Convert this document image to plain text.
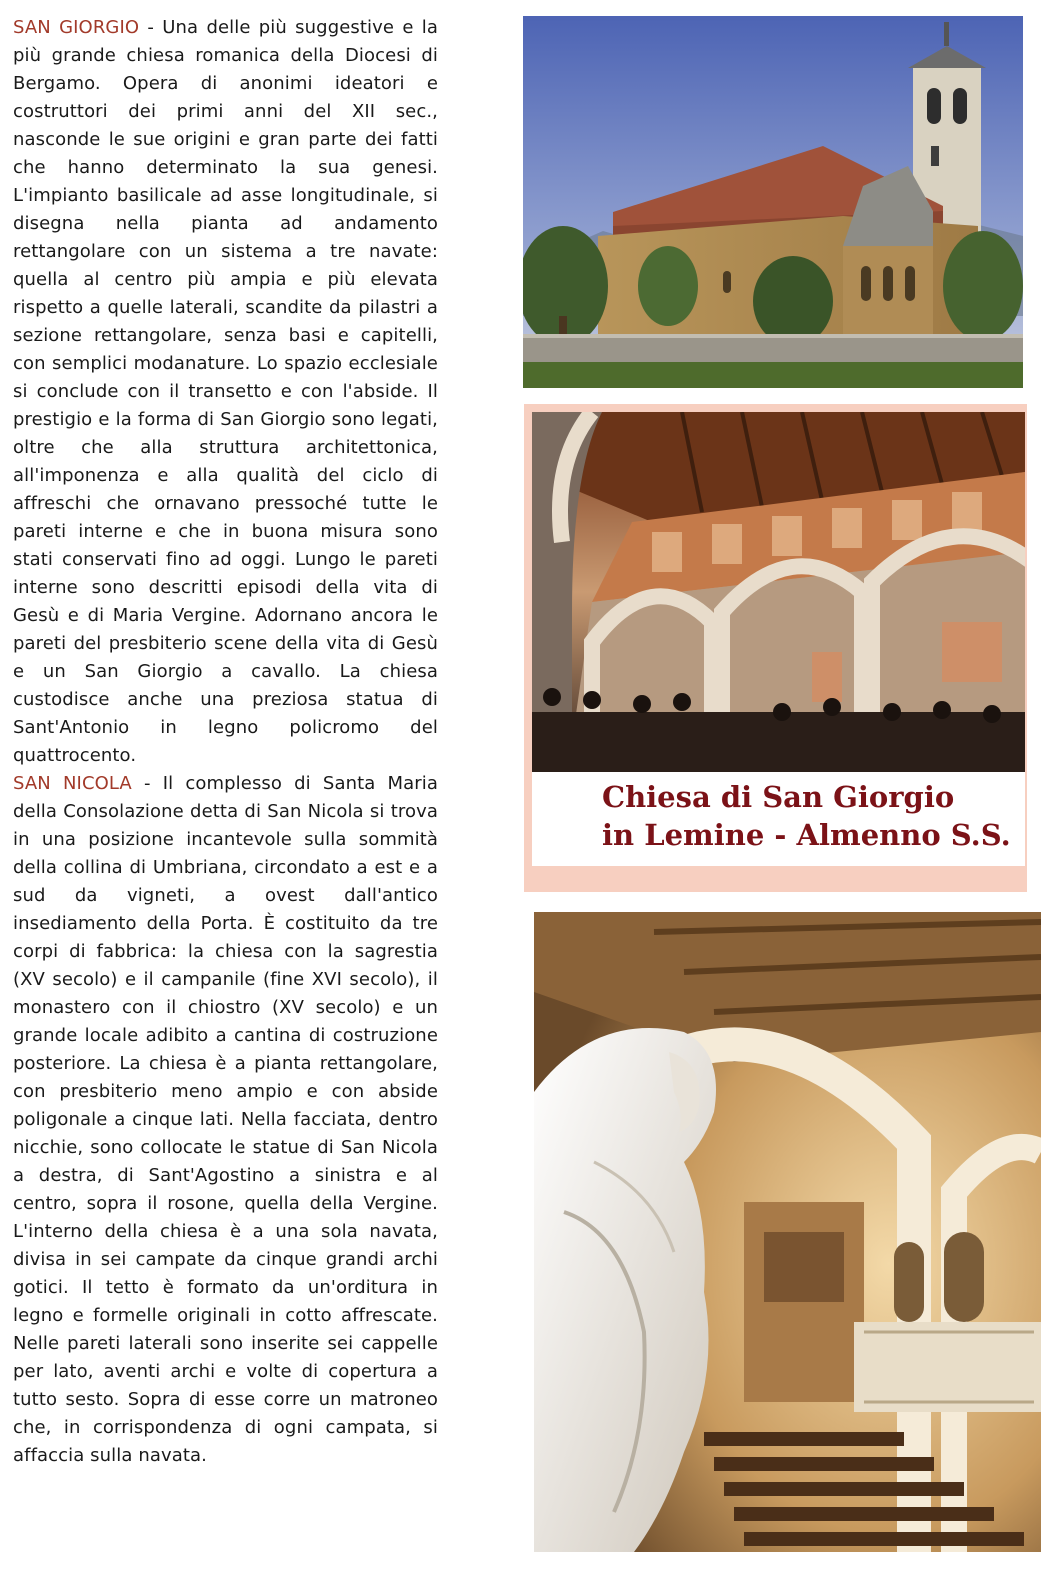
SAN GIORGIO - Una delle più suggestive e la più grande chiesa romanica della Diocesi di Bergamo. Opera di anonimi ideatori e costruttori dei primi anni del XII sec., nasconde le sue origini e gran parte dei fatti che hanno determinato la sua genesi. L'impianto basilicale ad asse longitudinale, si disegna nella pianta ad andamento rettangolare con un sistema a tre navate: quella al centro più ampia e più elevata rispetto a quelle laterali, scandite da pilastri a sezione rettangolare, senza basi e capitelli, con semplici modanature. Lo spazio ecclesiale si conclude con il transetto e con l'abside. Il prestigio e la forma di San Giorgio sono legati, oltre che alla struttura architettonica, all'imponenza e alla qualità del ciclo di affreschi che ornavano pressoché tutte le pareti interne e che in buona misura sono stati conservati fino ad oggi. Lungo le pareti interne sono descritti episodi della vita di Gesù e di Maria Vergine. Adornano ancora le pareti del presbiterio scene della vita di Gesù e un San Giorgio a cavallo. La chiesa custodisce anche una preziosa statua di Sant'Antonio in legno policromo del quattrocento.

SAN NICOLA - Il complesso di Santa Maria della Consolazione detta di San Nicola si trova in una posizione incantevole sulla sommità della collina di Umbriana, circondato a est e a sud da vigneti, a ovest dall'antico insediamento della Porta. È costituito da tre corpi di fabbrica: la chiesa con la sagrestia (XV secolo) e il campanile (fine XVI secolo), il monastero con il chiostro (XV secolo) e un grande locale adibito a cantina di costruzione posteriore. La chiesa è a pianta rettangolare, con presbiterio meno ampio e con abside poligonale a cinque lati. Nella facciata, dentro nicchie, sono collocate le statue di San Nicola a destra, di Sant'Agostino a sinistra e al centro, sopra il rosone, quella della Vergine. L'interno della chiesa è a una sola navata, divisa in sei campate da cinque grandi archi gotici. Il tetto è formato da un'orditura in legno e formelle originali in cotto affrescate. Nelle pareti laterali sono inserite sei cappelle per lato, aventi archi e volte di copertura a tutto sesto. Sopra di esse corre un matroneo che, in corrispondenza di ogni campata, si affaccia sulla navata.

Chiesa di San Giorgio
in Lemine - Almenno S.S.
